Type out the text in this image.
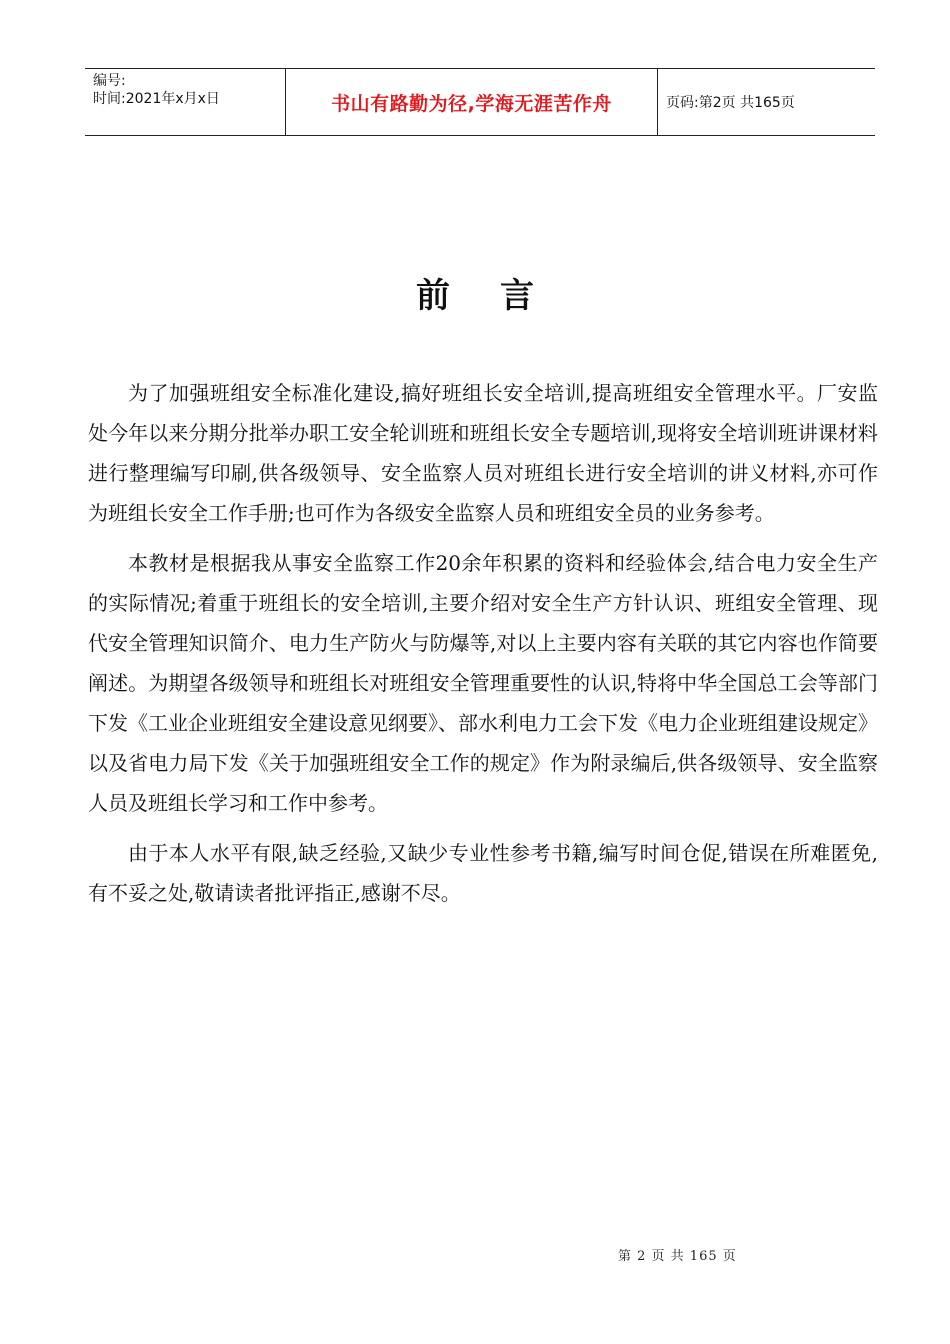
编号:
时间:2021年x月x日	书山有路勤为径,学海无涯苦作舟	页码:第2页 共165页
前言

为了加强班组安全标准化建设,搞好班组长安全培训,提高班组安全管理水平。厂安监处今年以来分期分批举办职工安全轮训班和班组长安全专题培训,现将安全培训班讲课材料进行整理编写印刷,供各级领导、安全监察人员对班组长进行安全培训的讲义材料,亦可作为班组长安全工作手册;也可作为各级安全监察人员和班组安全员的业务参考。

本教材是根据我从事安全监察工作20余年积累的资料和经验体会,结合电力安全生产的实际情况;着重于班组长的安全培训,主要介绍对安全生产方针认识、班组安全管理、现代安全管理知识简介、电力生产防火与防爆等,对以上主要内容有关联的其它内容也作简要阐述。为期望各级领导和班组长对班组安全管理重要性的认识,特将中华全国总工会等部门下发《工业企业班组安全建设意见纲要》、部水利电力工会下发《电力企业班组建设规定》以及省电力局下发《关于加强班组安全工作的规定》作为附录编后,供各级领导、安全监察人员及班组长学习和工作中参考。

由于本人水平有限,缺乏经验,又缺少专业性参考书籍,编写时间仓促,错误在所难匿免,有不妥之处,敬请读者批评指正,感谢不尽。

第 2 页 共 165 页
